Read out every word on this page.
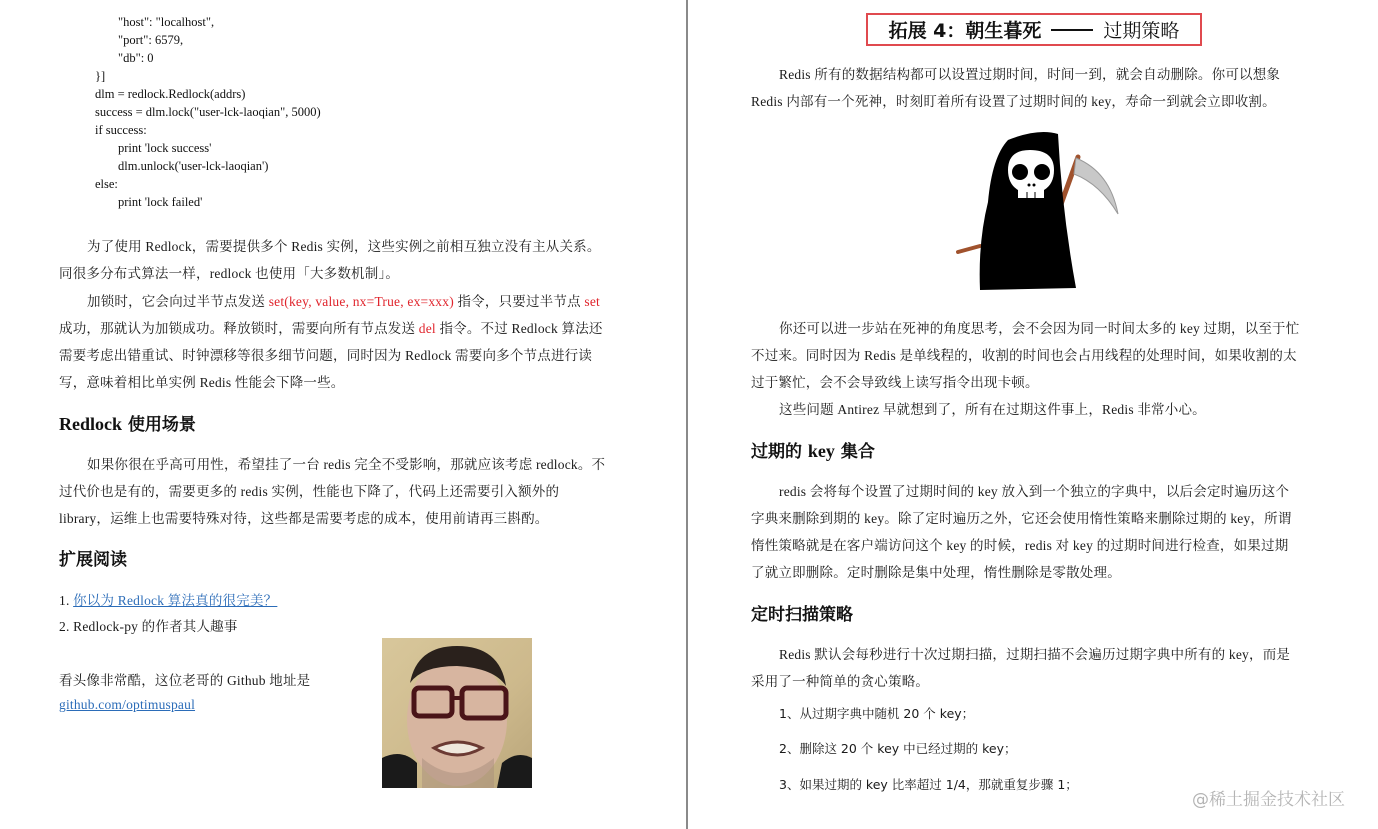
"host": "localhost",
"port": 6579,
"db": 0
}]
dlm = redlock.Redlock(addrs)
success = dlm.lock("user-lck-laoqian", 5000)
if success:
print 'lock success'
dlm.unlock('user-lck-laoqian')
else:
print 'lock failed'
为了使用 Redlock，需要提供多个 Redis 实例，这些实例之前相互独立没有主从关系。
同很多分布式算法一样，redlock 也使用「大多数机制」。
加锁时，它会向过半节点发送 set(key, value, nx=True, ex=xxx) 指令，只要过半节点 set
成功，那就认为加锁成功。释放锁时，需要向所有节点发送 del 指令。不过 Redlock 算法还
需要考虑出错重试、时钟漂移等很多细节问题，同时因为 Redlock 需要向多个节点进行读
写，意味着相比单实例 Redis 性能会下降一些。
Redlock 使用场景
如果你很在乎高可用性，希望挂了一台 redis 完全不受影响，那就应该考虑 redlock。不
过代价也是有的，需要更多的 redis 实例，性能也下降了，代码上还需要引入额外的
library，运维上也需要特殊对待，这些都是需要考虑的成本，使用前请再三斟酌。
扩展阅读
1. 你以为 Redlock 算法真的很完美？
2. Redlock-py 的作者其人趣事
看头像非常酷，这位老哥的 Github 地址是
github.com/optimuspaul
拓展 4：朝生暮死	过期策略
Redis 所有的数据结构都可以设置过期时间，时间一到，就会自动删除。你可以想象
Redis 内部有一个死神，时刻盯着所有设置了过期时间的 key，寿命一到就会立即收割。
你还可以进一步站在死神的角度思考，会不会因为同一时间太多的 key 过期，以至于忙
不过来。同时因为 Redis 是单线程的，收割的时间也会占用线程的处理时间，如果收割的太
过于繁忙，会不会导致线上读写指令出现卡顿。
这些问题 Antirez 早就想到了，所有在过期这件事上，Redis 非常小心。
过期的 key 集合
redis 会将每个设置了过期时间的 key 放入到一个独立的字典中，以后会定时遍历这个
字典来删除到期的 key。除了定时遍历之外，它还会使用惰性策略来删除过期的 key，所谓
惰性策略就是在客户端访问这个 key 的时候，redis 对 key 的过期时间进行检查，如果过期
了就立即删除。定时删除是集中处理，惰性删除是零散处理。
定时扫描策略
Redis 默认会每秒进行十次过期扫描，过期扫描不会遍历过期字典中所有的 key，而是
采用了一种简单的贪心策略。
1、从过期字典中随机 20 个 key；
2、删除这 20 个 key 中已经过期的 key；
3、如果过期的 key 比率超过 1/4，那就重复步骤 1；
@稀土掘金技术社区
